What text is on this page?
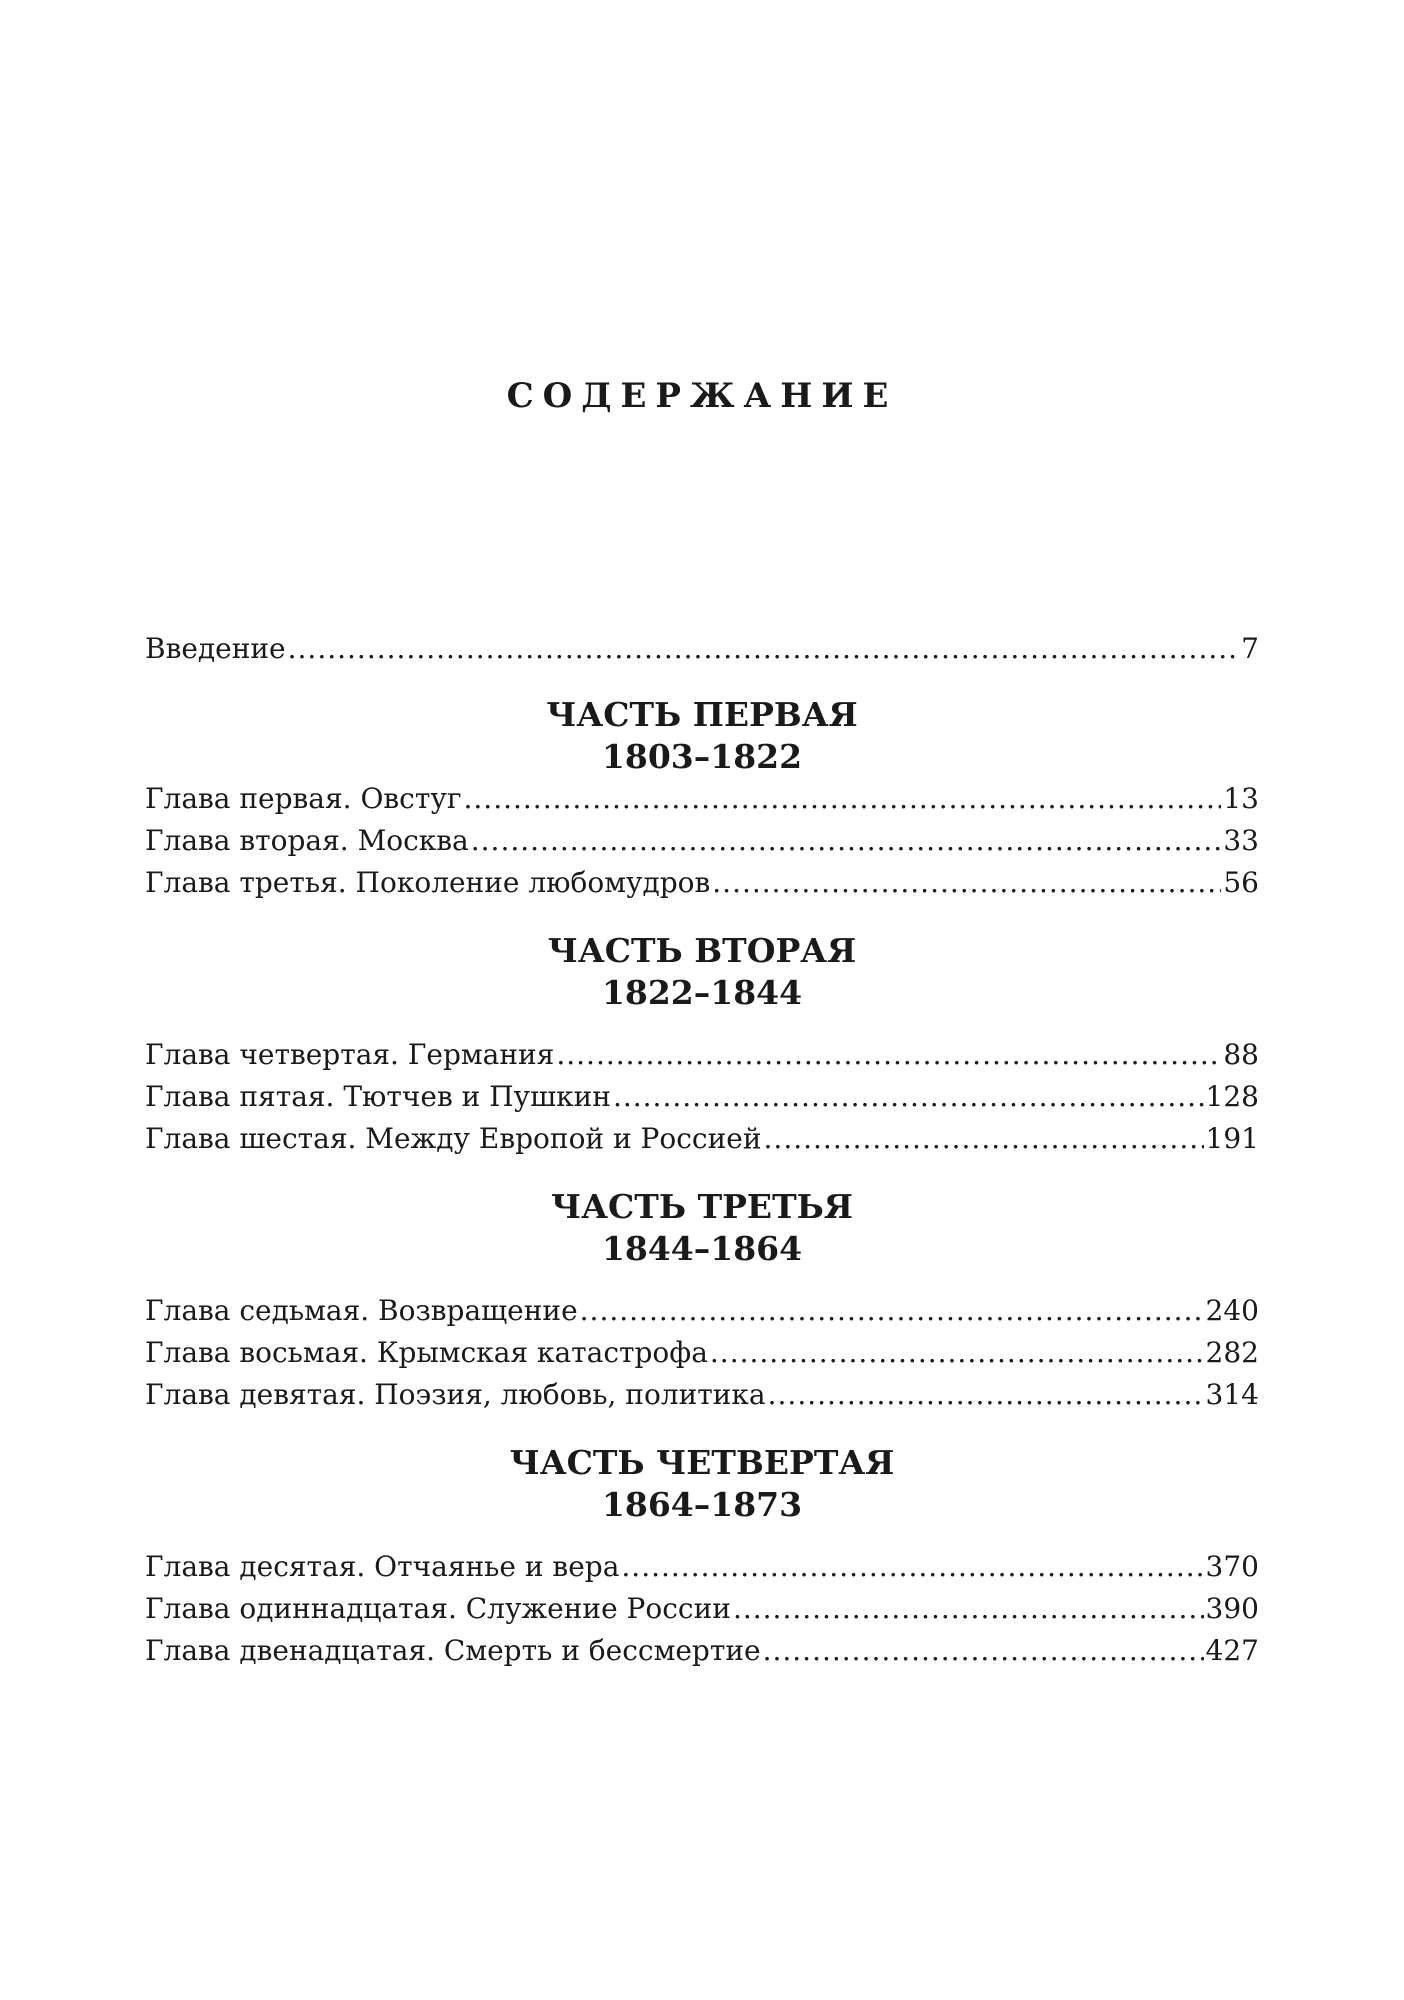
СОДЕРЖАНИЕ
Введение .....	7
ЧАСТЬ ПЕРВАЯ
1803–1822
Глава первая. Овстуг .....	13
Глава вторая. Москва .....	33
Глава третья. Поколение любомудров .....	56
ЧАСТЬ ВТОРАЯ
1822–1844
Глава четвертая. Германия .....	88
Глава пятая. Тютчев и Пушкин .....	128
Глава шестая. Между Европой и Россией .....	191
ЧАСТЬ ТРЕТЬЯ
1844–1864
Глава седьмая. Возвращение .....	240
Глава восьмая. Крымская катастрофа .....	282
Глава девятая. Поэзия, любовь, политика .....	314
ЧАСТЬ ЧЕТВЕРТАЯ
1864–1873
Глава десятая. Отчаянье и вера .....	370
Глава одиннадцатая. Служение России .....	390
Глава двенадцатая. Смерть и бессмертие .....	427
